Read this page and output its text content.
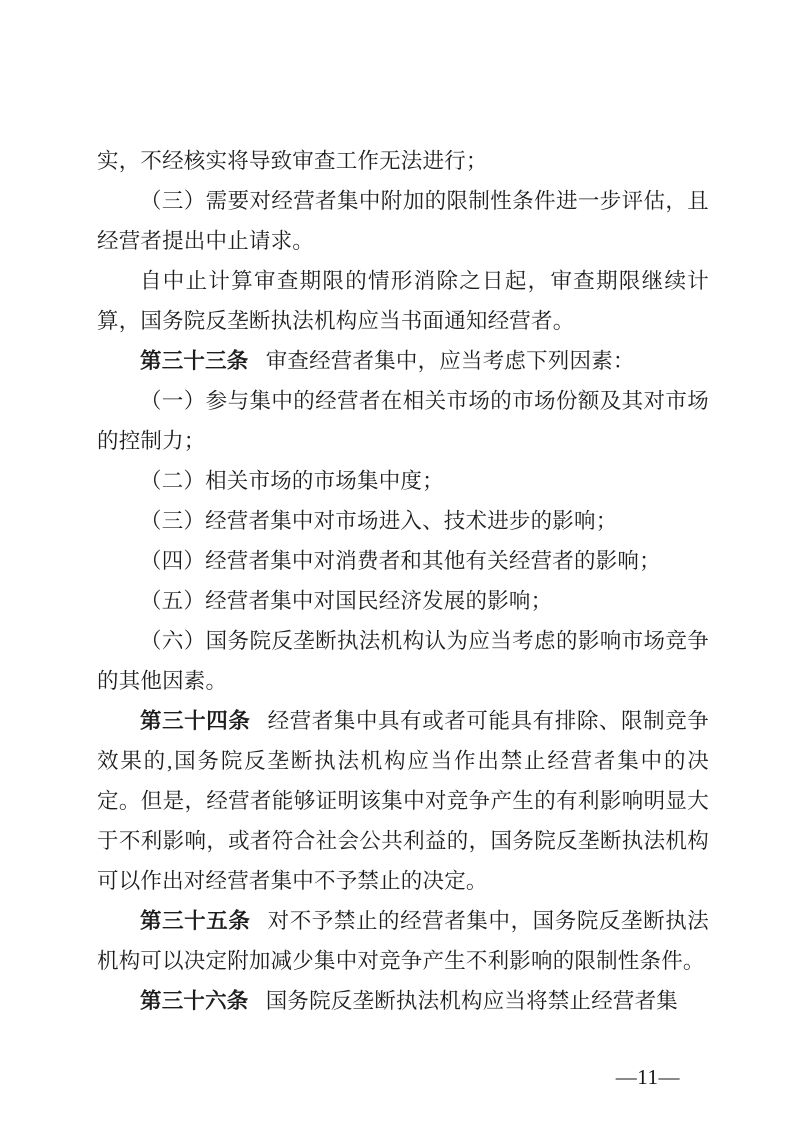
实，不经核实将导致审查工作无法进行；

（三）需要对经营者集中附加的限制性条件进一步评估，且经营者提出中止请求。

自中止计算审查期限的情形消除之日起，审查期限继续计算，国务院反垄断执法机构应当书面通知经营者。

第三十三条 审查经营者集中，应当考虑下列因素：

（一）参与集中的经营者在相关市场的市场份额及其对市场的控制力；

（二）相关市场的市场集中度；

（三）经营者集中对市场进入、技术进步的影响；

（四）经营者集中对消费者和其他有关经营者的影响；

（五）经营者集中对国民经济发展的影响；

（六）国务院反垄断执法机构认为应当考虑的影响市场竞争的其他因素。

第三十四条 经营者集中具有或者可能具有排除、限制竞争效果的,国务院反垄断执法机构应当作出禁止经营者集中的决定。但是，经营者能够证明该集中对竞争产生的有利影响明显大于不利影响，或者符合社会公共利益的，国务院反垄断执法机构可以作出对经营者集中不予禁止的决定。

第三十五条 对不予禁止的经营者集中，国务院反垄断执法机构可以决定附加减少集中对竞争产生不利影响的限制性条件。

第三十六条 国务院反垄断执法机构应当将禁止经营者集

—11—
